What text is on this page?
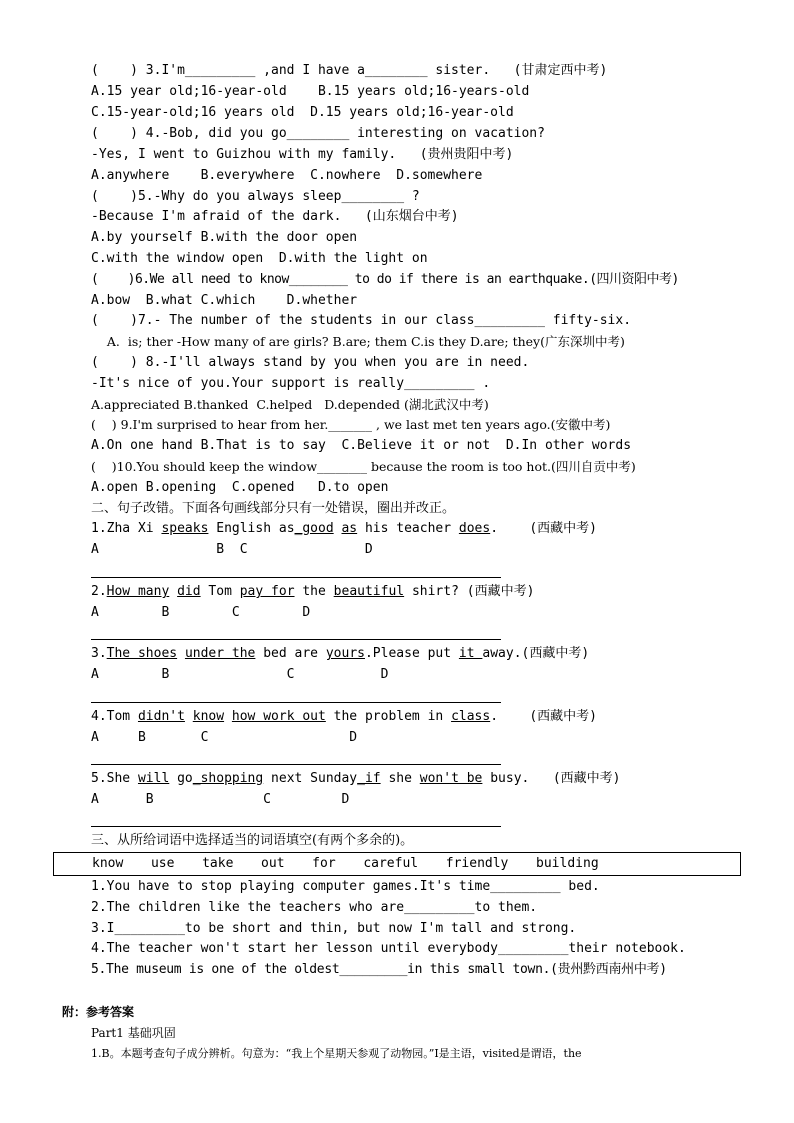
(    ) 3.I'm_________ ,and I have a________ sister.   (甘肃定西中考)
A.15 year old;16-year-old    B.15 years old;16-years-old
C.15-year-old;16 years old  D.15 years old;16-year-old
(    ) 4.-Bob, did you go________ interesting on vacation?
-Yes, I went to Guizhou with my family.   (贵州贵阳中考)
A.anywhere    B.everywhere  C.nowhere  D.somewhere
(    )5.-Why do you always sleep________ ?
-Because I'm afraid of the dark.   (山东烟台中考)
A.by yourself B.with the door open
C.with the window open  D.with the light on
(    )6.We all need to know________ to do if there is an earthquake.(四川资阳中考)
A.bow  B.what C.which    D.whether
(    )7.- The number of the students in our class_________ fifty-six.
A.  is; ther -How many of are girls? B.are; them C.is they D.are; they(广东深圳中考)
(    ) 8.-I'll always stand by you when you are in need.
-It's nice of you.Your support is really_________ .
A.appreciated B.thanked  C.helped   D.depended (湖北武汉中考)
(    ) 9.I'm surprised to hear from her._______ , we last met ten years ago.(安徽中考)
A.On one hand B.That is to say  C.Believe it or not  D.In other words
(    )10.You should keep the window________ because the room is too hot.(四川自贡中考)
A.open B.opening  C.opened   D.to open
二、句子改错。下面各句画线部分只有一处错误，圈出并改正。
1.Zha Xi speaks English as_good as his teacher does.    (西藏中考)
A               B  C               D
2.How many did Tom pay for the beautiful shirt? (西藏中考)
A        B        C        D
3.The shoes under the bed are yours.Please put it away.(西藏中考)
A        B               C           D
4.Tom didn't know how work out the problem in class.    (西藏中考)
A     B       C                  D
5.She will go_shopping next Sunday_if she won't be busy.   (西藏中考)
A      B              C         D
三、从所给词语中选择适当的词语填空(有两个多余的)。
know  use  take  out  for  careful  friendly  building
1.You have to stop playing computer games.It's time_________ bed.
2.The children like the teachers who are_________to them.
3.I_________to be short and thin, but now I'm tall and strong.
4.The teacher won't start her lesson until everybody_________their notebook.
5.The museum is one of the oldest_________in this small town.(贵州黔西南州中考)
附：参考答案
Part1 基础巩固
1.B。本题考查句子成分辨析。句意为：“我上个星期天参观了动物园。”I是主语，visited是谓语，the
